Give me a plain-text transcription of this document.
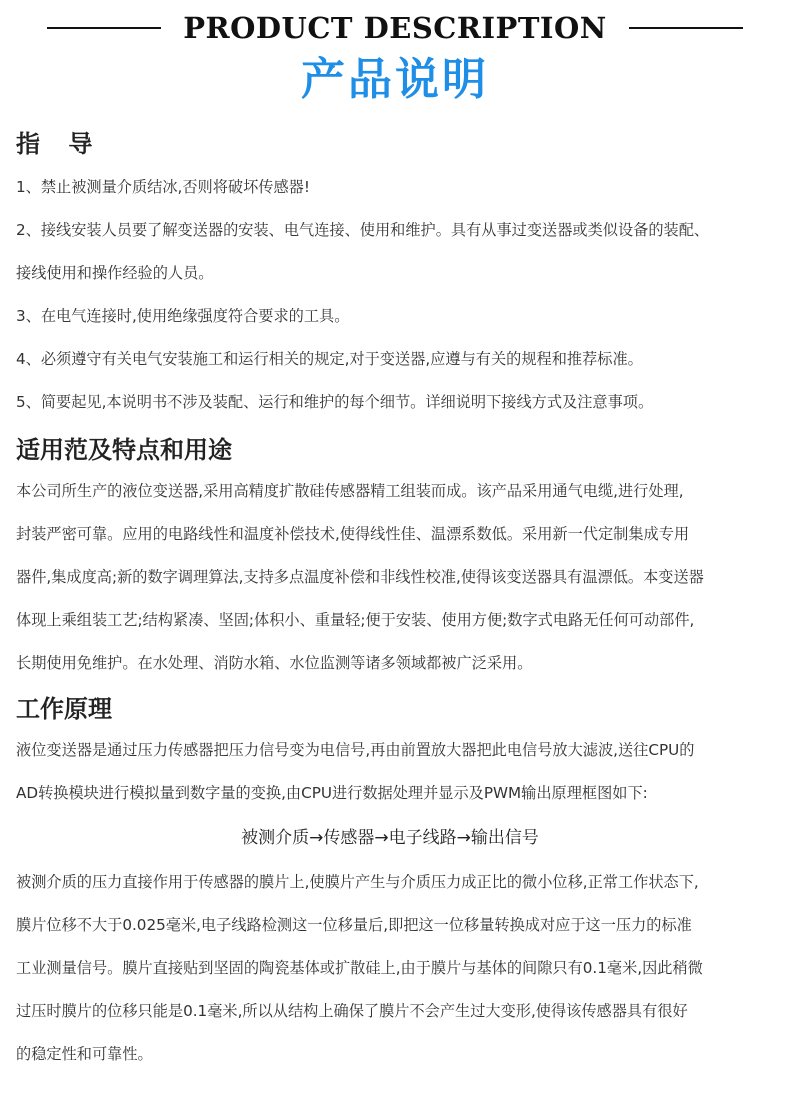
PRODUCT DESCRIPTION
产品说明
指 导

1、禁止被测量介质结冰,否则将破坏传感器!

2、接线安装人员要了解变送器的安装、电气连接、使用和维护。具有从事过变送器或类似设备的装配、

接线使用和操作经验的人员。

3、在电气连接时,使用绝缘强度符合要求的工具。

4、必须遵守有关电气安装施工和运行相关的规定,对于变送器,应遵与有关的规程和推荐标准。

5、简要起见,本说明书不涉及装配、运行和维护的每个细节。详细说明下接线方式及注意事项。

适用范及特点和用途

本公司所生产的液位变送器,采用高精度扩散硅传感器精工组装而成。该产品采用通气电缆,进行处理,
封装严密可靠。应用的电路线性和温度补偿技术,使得线性佳、温漂系数低。采用新一代定制集成专用
器件,集成度高;新的数字调理算法,支持多点温度补偿和非线性校准,使得该变送器具有温漂低。本变送器
体现上乘组装工艺;结构紧凑、坚固;体积小、重量轻;便于安装、使用方便;数字式电路无任何可动部件,
长期使用免维护。在水处理、消防水箱、水位监测等诸多领域都被广泛采用。

工作原理

液位变送器是通过压力传感器把压力信号变为电信号,再由前置放大器把此电信号放大滤波,送往CPU的
AD转换模块进行模拟量到数字量的变换,由CPU进行数据处理并显示及PWM输出原理框图如下:

被测介质→传感器→电子线路→输出信号

被测介质的压力直接作用于传感器的膜片上,使膜片产生与介质压力成正比的微小位移,正常工作状态下,
膜片位移不大于0.025毫米,电子线路检测这一位移量后,即把这一位移量转换成对应于这一压力的标准
工业测量信号。膜片直接贴到坚固的陶瓷基体或扩散硅上,由于膜片与基体的间隙只有0.1毫米,因此稍微
过压时膜片的位移只能是0.1毫米,所以从结构上确保了膜片不会产生过大变形,使得该传感器具有很好
的稳定性和可靠性。
